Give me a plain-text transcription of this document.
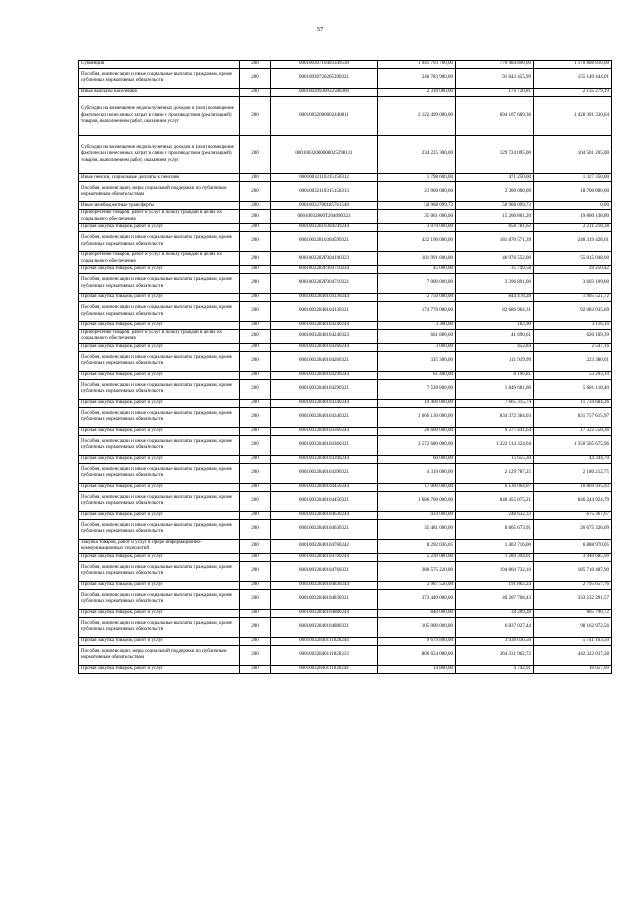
57
Субвенции	200	00010030710403349530	1 941 793 700,00	770 984 890,00	1 170 808 810,00
Пособия, компенсации и иные социальные выплаты гражданам, кроме публичных нормативных обязательств	200	00010030720205390321	246 783 900,00	91 643 455,99	155 140 444,01
Иные выплаты населению	200	00010030930032580360	2 310 000,00	174 720,81	2 135 279,19
Субсидии на возмещение недополученных доходов и (или) возмещение фактически понесенных затрат в связи с производством (реализацией) товаров, выполнением работ, оказанием услуг	200	00010032000002440811	2 122 499 000,00	694 107 669,36	1 428 391 330,64
Субсидии на возмещение недополученных доходов и (или) возмещение фактически понесенных затрат в связи с производством (реализацией) товаров, выполнением работ, оказанием услуг	200	00010032000008025298111	234 225 300,00	129 724 095,00	104 501 205,00
Иные пенсии, социальные доплаты к пенсиям	200	00010032110315150312	1 798 600,00	471 250,00	1 327 350,00
Пособия, компенсации, меры социальной поддержки по публичным нормативным обязательствам	200	00010032110315150313	21 000 000,00	2 300 000,00	18 700 000,00
Иные межбюджетные трансферты	200	00010032700185761540	50 968 099,73	50 968 099,73	0,00
Приобретение товаров, работ и услуг в пользу граждан в целях их социального обеспечения	200	00010032800Т204090323	35 061 000,00	15 260 861,20	19 800 138,80
Прочая закупка товаров, работ и услуг	200	00010032810304599244	3 070 000,00	858 781,62	2 211 218,38
Пособия, компенсации и иные социальные выплаты гражданам, кроме публичных нормативных обязательств	200	00010032810304599321	422 190 000,00	181 870 571,39	240 319 428,61
Приобретение товаров, работ и услуг в пользу граждан в целях их социального обеспечения	200	0001003282Р304190323	101 991 600,00	46 976 552,00	55 015 048,00
Прочая закупка товаров, работ и услуг	200	0001003282Р304710244	45 000,00	35 749,58	29 250,42
Пособия, компенсации и иные социальные выплаты гражданам, кроме публичных нормативных обязательств	200	0001003282Р304710321	7 000 000,00	3 396 891,00	3 603 109,00
Прочая закупка товаров, работ и услуг	200	00010032840104130244	2 750 000,00	844 478,28	1 905 521,72
Пособия, компенсации и иные социальные выплаты гражданам, кроме публичных нормативных обязательств	200	00010032840104130321	174 770 000,00	82 686 964,31	92 083 035,69
Прочая закупка товаров, работ и услуг	200	00010032840104240244	3 300,00	183,90	3 116,10
Приобретение товаров, работ и услуг в пользу граждан в целях их социального обеспечения	200	00010032840104240323	661 800,00	41 690,61	620 109,39
Прочая закупка товаров, работ и услуг	200	00010032840104260244	3 000,00	452,84	2 547,16
Пособия, компенсации и иные социальные выплаты гражданам, кроме публичных нормативных обязательств	200	00010032840104260321	335 300,00	111 919,99	223 380,01
Прочая закупка товаров, работ и услуг	200	00010032840104290244	61 400,00	8 196,81	53 203,19
Пособия, компенсации и иные социальные выплаты гражданам, кроме публичных нормативных обязательств	200	00010032840104290321	7 530 800,00	1 849 681,60	5 681 118,40
Прочая закупка товаров, работ и услуг	200	00010032840104340244	19 400 000,00	7 665 315,74	11 734 684,26
Пособия, компенсации и иные социальные выплаты гражданам, кроме публичных нормативных обязательств	200	00010032840104340321	1 666 130 000,00	834 372 384,03	831 757 615,97
Прочая закупка товаров, работ и услуг	200	00010032840104360244	26 600 000,00	9 277 441,64	17 322 558,36
Пособия, компенсации и иные социальные выплаты гражданам, кроме публичных нормативных обязательств	200	00010032840104360321	2 572 680 000,00	1 222 114 324,04	1 350 565 675,96
Прочая закупка товаров, работ и услуг	200	00010032840104390244	60 000,00	15 655,30	44 344,70
Пособия, компенсации и иные социальные выплаты гражданам, кроме публичных нормативных обязательств	200	00010032840104390321	4 310 000,00	2 129 787,25	2 180 212,75
Прочая закупка товаров, работ и услуг	200	00010032840104450244	17 000 000,00	6 130 064,07	10 869 935,93
Пособия, компенсации и иные социальные выплаты гражданам, кроме публичных нормативных обязательств	200	00010032840104450321	1 686 700 000,00	840 455 075,21	846 244 924,79
Прочая закупка товаров, работ и услуг	200	00010032840104630244	924 000,00	248 632,33	675 367,67
Пособия, компенсации и иные социальные выплаты гражданам, кроме публичных нормативных обязательств	200	00010032840104630321	35 481 000,00	8 805 673,91	26 675 326,09
Закупка товаров, работ и услуг в сфере информационно-коммуникационных технологий	200	00010032840104760242	8 292 036,05	1 403 716,00	6 888 970,05
Прочая закупка товаров, работ и услуг	200	00010032840104760244	5 230 080,00	1 289 394,01	3 940 685,99
Пособия, компенсации и иные социальные выплаты гражданам, кроме публичных нормативных обязательств	200	00010032840104760321	380 575 220,00	194 864 732,10	185 710 487,90
Прочая закупка товаров, работ и услуг	200	00010032840104830244	2 987 520,00	191 862,24	2 795 657,76
Пособия, компенсации и иные социальные выплаты гражданам, кроме публичных нормативных обязательств	200	00010032840104830321	373 440 000,00	40 207 708,43	333 232 291,57
Прочая закупка товаров, работ и услуг	200	00010032840104880244	840 000,00	34 209,28	805 790,72
Пособия, компенсации и иные социальные выплаты гражданам, кроме публичных нормативных обязательств	200	00010032840104880321	105 000 000,00	6 837 027,44	98 162 972,56
Прочая закупка товаров, работ и услуг	200	00010032840111020244	9 679 800,00	3 938 636,50	5 741 163,50
Пособия, компенсации, меры социальной поддержки по публичным нормативным обязательствам	200	00010032840111020313	806 654 000,00	364 331 962,72	442 322 037,28
Прочая закупка товаров, работ и услуг	200	00010032840111030244	14 800,00	4 742,91	10 057,09
